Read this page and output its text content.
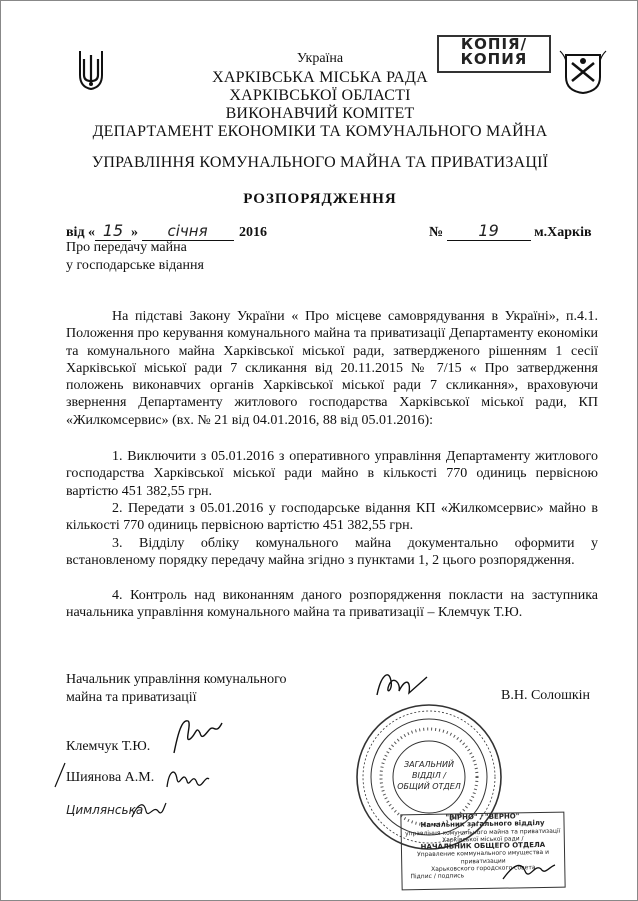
КОПІЯ/
КОПИЯ
Україна
ХАРКІВСЬКА МІСЬКА РАДА
ХАРКІВСЬКОЇ ОБЛАСТІ
ВИКОНАВЧИЙ КОМІТЕТ
ДЕПАРТАМЕНТ ЕКОНОМІКИ ТА КОМУНАЛЬНОГО МАЙНА
УПРАВЛІННЯ КОМУНАЛЬНОГО МАЙНА ТА ПРИВАТИЗАЦІЇ
РОЗПОРЯДЖЕННЯ
від « 15 » січня 2016	№ 19	м.Харків
Про передачу майна
у господарське відання

На підставі Закону України « Про місцеве самоврядування в Україні», п.4.1. Положення про керування комунального майна та приватизації Департаменту економіки та комунального майна Харківської міської ради, затвердженого рішенням 1 сесії Харківської міської ради 7 скликання від 20.11.2015 № 7/15 « Про затвердження положень виконавчих органів Харківської міської ради 7 скликання», враховуючи звернення Департаменту житлового господарства Харківської міської ради, КП «Жилкомсервис» (вх. № 21 від 04.01.2016, 88 від 05.01.2016):

1. Виключити з 05.01.2016 з оперативного управління Департаменту житлового господарства Харківської міської ради майно в кількості 770 одиниць первісною вартістю 451 382,55 грн.

2. Передати з 05.01.2016 у господарське відання КП «Жилкомсервис» майно в кількості 770 одиниць первісною вартістю 451 382,55 грн.

3. Відділу обліку комунального майна документально оформити у встановленому порядку передачу майна згідно з пунктами 1, 2 цього розпорядження.

4. Контроль над виконанням даного розпорядження покласти на заступника начальника управління комунального майна та приватизації – Клемчук Т.Ю.

Начальник управління комунального
майна та приватизації	В.Н. Солошкін
ЗАГАЛЬНИЙ
ВІДДІЛ /
ОБЩИЙ ОТДЕЛ
Клемчук Т.Ю.
Шиянова А.М.
Цимлянська
"ВІРНО" / "ВЕРНО"
Начальник загального відділу
управління комунального майна та приватизації
Харківської міської ради /
НАЧАЛЬНИК ОБЩЕГО ОТДЕЛА
Управление коммунального имущества и приватизации
Харьковского городского совета
Підпис / подпись
